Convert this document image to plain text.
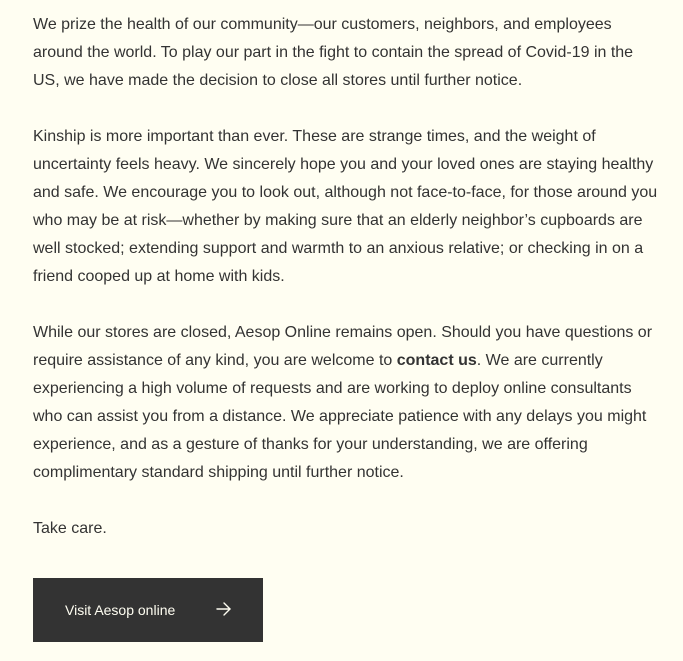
We prize the health of our community—our customers, neighbors, and employees around the world. To play our part in the fight to contain the spread of Covid-19 in the US, we have made the decision to close all stores until further notice.

Kinship is more important than ever. These are strange times, and the weight of uncertainty feels heavy. We sincerely hope you and your loved ones are staying healthy and safe. We encourage you to look out, although not face-to-face, for those around you who may be at risk—whether by making sure that an elderly neighbor’s cupboards are well stocked; extending support and warmth to an anxious relative; or checking in on a friend cooped up at home with kids.

While our stores are closed, Aesop Online remains open. Should you have questions or require assistance of any kind, you are welcome to contact us. We are currently experiencing a high volume of requests and are working to deploy online consultants who can assist you from a distance. We appreciate patience with any delays you might experience, and as a gesture of thanks for your understanding, we are offering complimentary standard shipping until further notice.

Take care.

Visit Aesop online
